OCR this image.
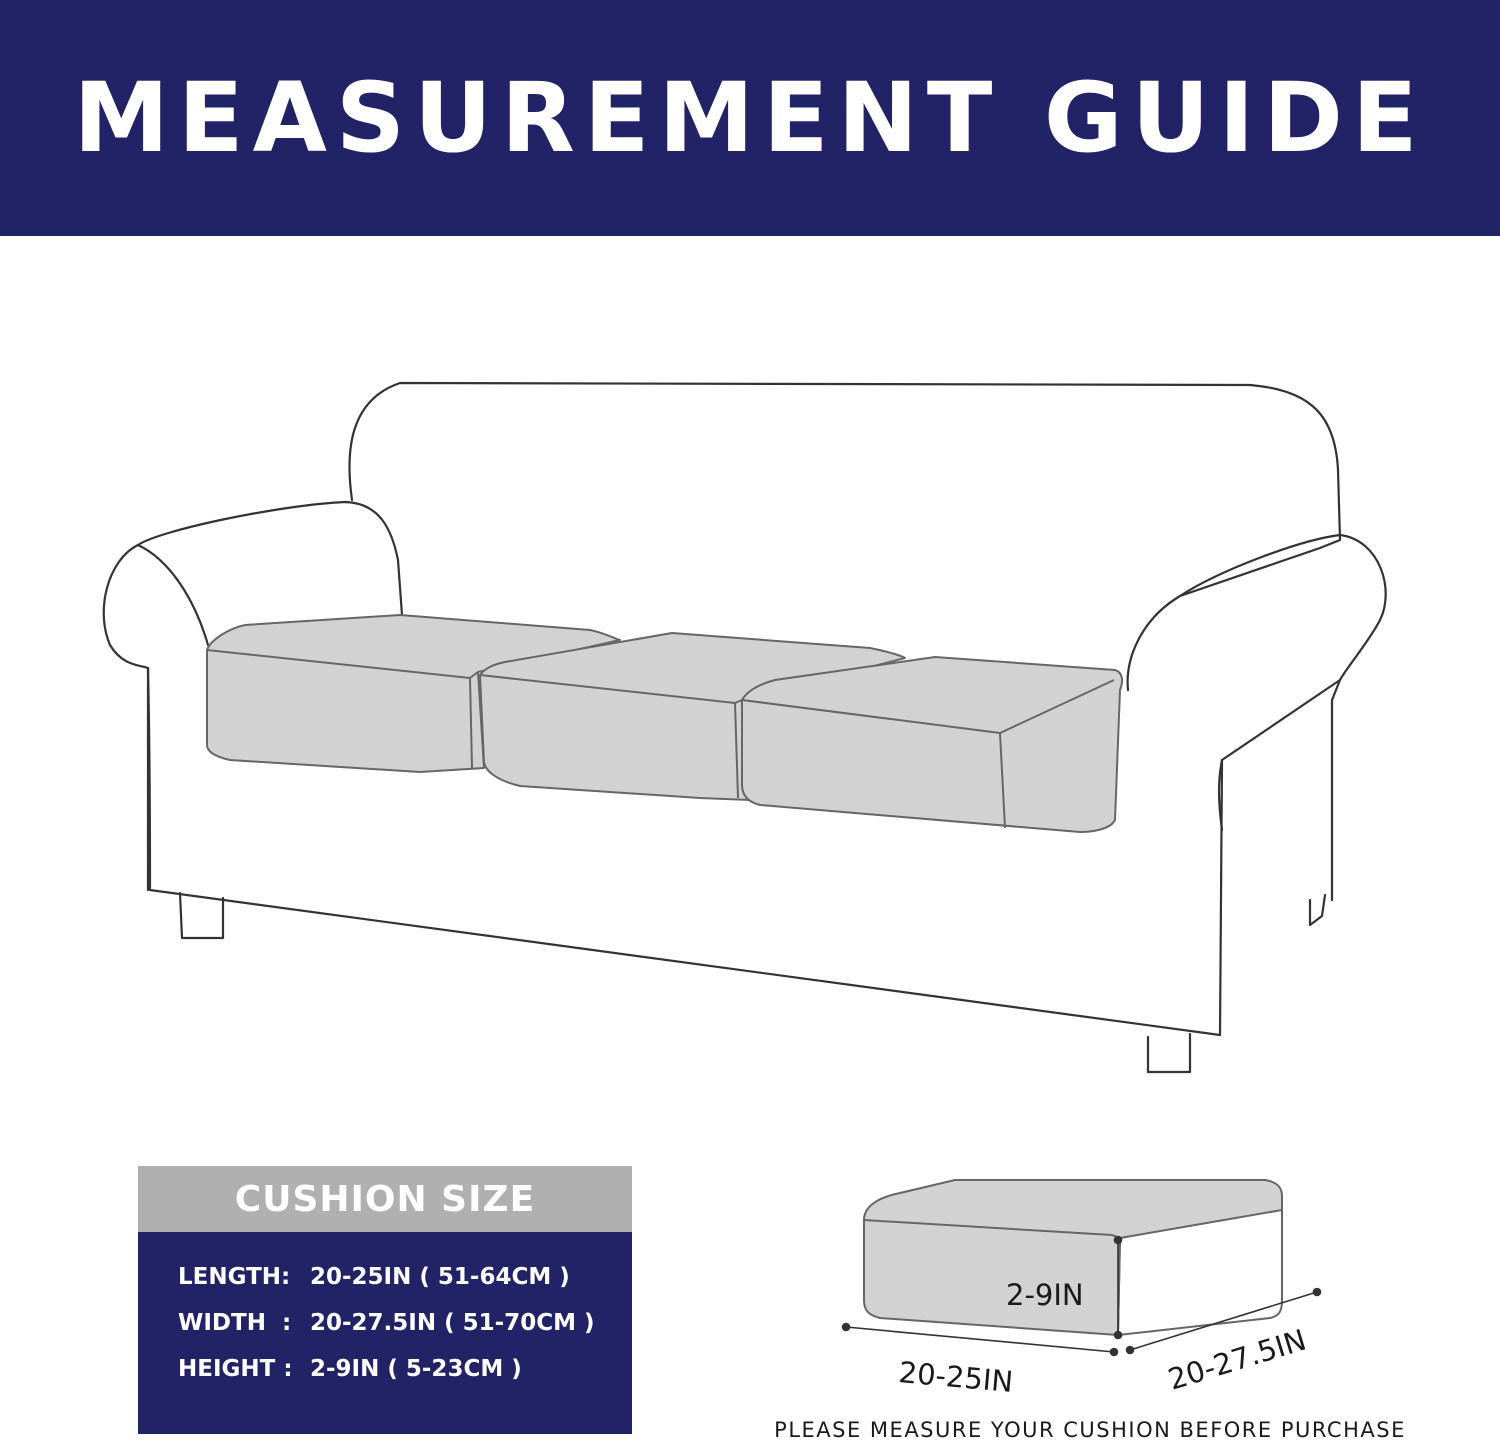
MEASUREMENT GUIDE
CUSHION SIZE
LENGTH: 20-25IN ( 51-64CM )
WIDTH  : 20-27.5IN ( 51-70CM )
HEIGHT : 2-9IN ( 5-23CM )
2-9IN
20-25IN	20-27.5IN
PLEASE MEASURE YOUR CUSHION BEFORE PURCHASE
